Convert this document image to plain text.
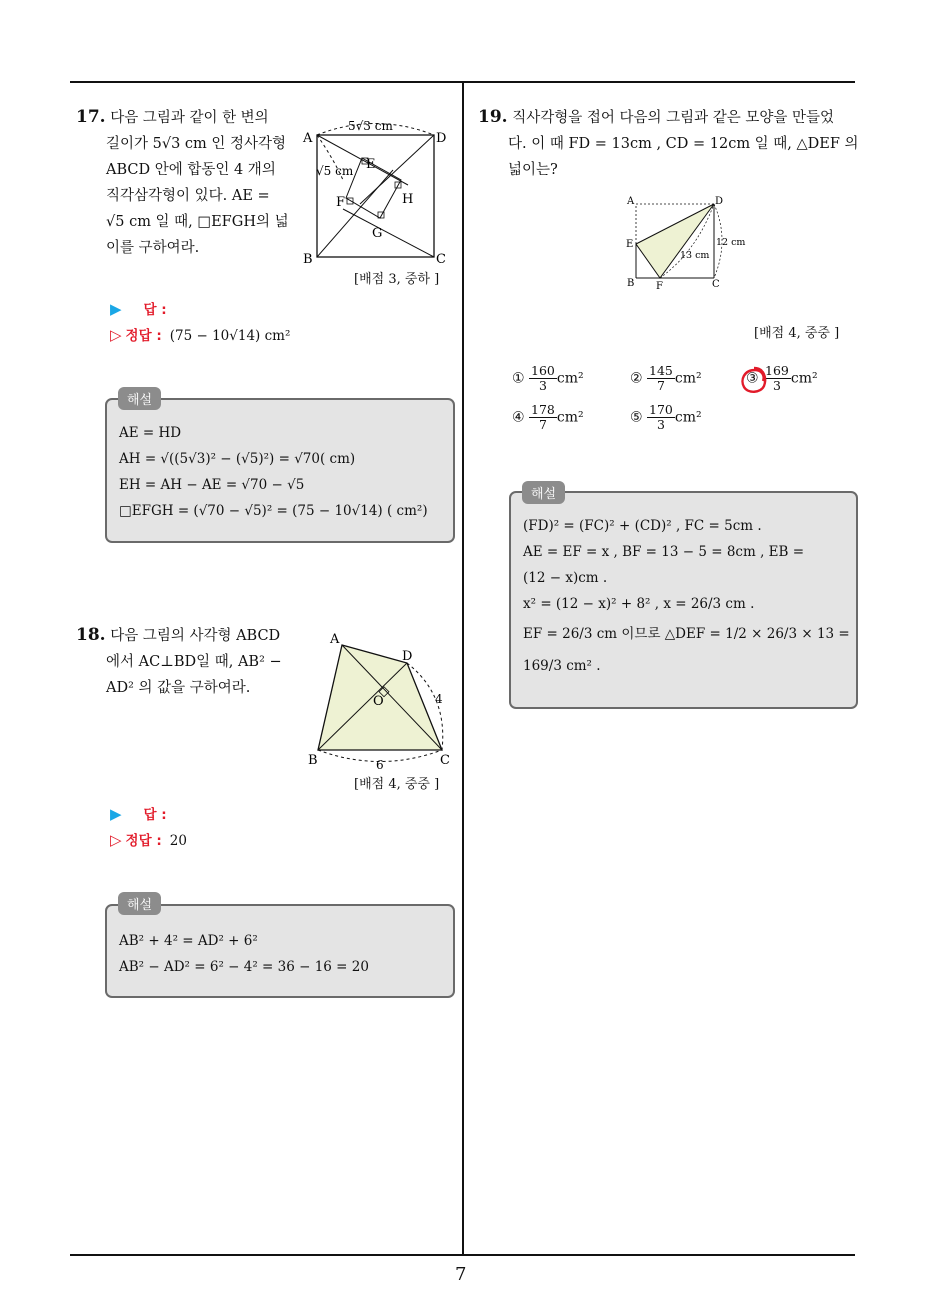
7
17. 다음 그림과 같이 한 변의
길이가 5√3 cm 인 정사각형
ABCD 안에 합동인 4 개의
직각삼각형이 있다. AE =
√5 cm 일 때, □EFGH의 넓
이를 구하여라.
A	D
B	C
E
H
F
G
5√3 cm
√5 cm
[배점 3, 중하 ]
▶ 답 :
▷ 정답 : (75 − 10√14) cm²
AE = HD
AH = √((5√3)² − (√5)²) = √70( cm)
EH = AH − AE = √70 − √5
□EFGH = (√70 − √5)² = (75 − 10√14) ( cm²)
해설
18. 다음 그림의 사각형 ABCD
에서 AC⊥BD일 때, AB² −
AD² 의 값을 구하여라.
A
D
B	C
O	4
6
[배점 4, 중중 ]
▶ 답 :
▷ 정답 : 20
AB² + 4² = AD² + 6²
AB² − AD² = 6² − 4² = 36 − 16 = 20
해설
19. 직사각형을 접어 다음의 그림과 같은 모양을 만들었
다. 이 때 FD = 13cm , CD = 12cm 일 때, △DEF 의
넓이는?
A	D
E
B F	C
13 cm
12 cm
[배점 4, 중중 ]
① $\frac{160}{3} cm^2$	② $\frac{145}{7} cm^2$	③ $\frac{169}{3} cm^2$
④ $\frac{178}{7} cm^2$	⑤ $\frac{170}{3} cm^2$
(FD)² = (FC)² + (CD)² , FC = 5cm .
AE = EF = x , BF = 13 − 5 = 8cm , EB =
(12 − x)cm .
x² = (12 − x)² + 8² , x = 26/3 cm .
EF = 26/3 cm 이므로 △DEF = 1/2 × 26/3 × 13 =
169/3 cm² .
해설
